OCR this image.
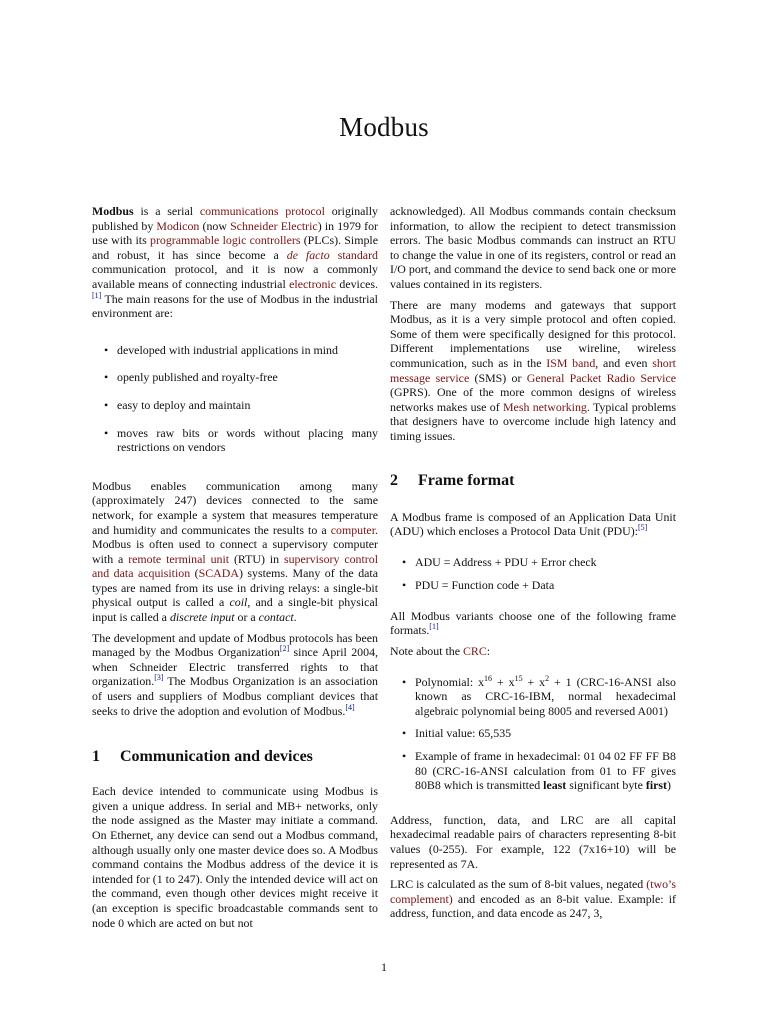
Modbus

Modbus is a serial communications protocol originally published by Modicon (now Schneider Electric) in 1979 for use with its programmable logic controllers (PLCs). Simple and robust, it has since become a de facto standard communication protocol, and it is now a commonly available means of connecting industrial electronic devices.[1] The main reasons for the use of Modbus in the industrial environment are:

• developed with industrial applications in mind
• openly published and royalty-free
• easy to deploy and maintain
• moves raw bits or words without placing many restrictions on vendors

Modbus enables communication among many (approximately 247) devices connected to the same network, for example a system that measures temperature and humidity and communicates the results to a computer. Modbus is often used to connect a supervisory computer with a remote terminal unit (RTU) in supervisory control and data acquisition (SCADA) systems. Many of the data types are named from its use in driving relays: a single-bit physical output is called a coil, and a single-bit physical input is called a discrete input or a contact.

The development and update of Modbus protocols has been managed by the Modbus Organization[2] since April 2004, when Schneider Electric transferred rights to that organization.[3] The Modbus Organization is an association of users and suppliers of Modbus compliant devices that seeks to drive the adoption and evolution of Modbus.[4]

1 Communication and devices

Each device intended to communicate using Modbus is given a unique address. In serial and MB+ networks, only the node assigned as the Master may initiate a command. On Ethernet, any device can send out a Modbus command, although usually only one master device does so. A Modbus command contains the Modbus address of the device it is intended for (1 to 247). Only the intended device will act on the command, even though other devices might receive it (an exception is specific broadcastable commands sent to node 0 which are acted on but not

acknowledged). All Modbus commands contain checksum information, to allow the recipient to detect transmission errors. The basic Modbus commands can instruct an RTU to change the value in one of its registers, control or read an I/O port, and command the device to send back one or more values contained in its registers.

There are many modems and gateways that support Modbus, as it is a very simple protocol and often copied. Some of them were specifically designed for this protocol. Different implementations use wireline, wireless communication, such as in the ISM band, and even short message service (SMS) or General Packet Radio Service (GPRS). One of the more common designs of wireless networks makes use of Mesh networking. Typical problems that designers have to overcome include high latency and timing issues.

2 Frame format

A Modbus frame is composed of an Application Data Unit (ADU) which encloses a Protocol Data Unit (PDU):[5]

• ADU = Address + PDU + Error check
• PDU = Function code + Data

All Modbus variants choose one of the following frame formats.[1]

Note about the CRC:

• Polynomial: $x^{16} + x^{15} + x^2 + 1$ (CRC-16-ANSI also known as CRC-16-IBM, normal hexadecimal algebraic polynomial being 8005 and reversed A001)
• Initial value: 65,535
• Example of frame in hexadecimal: 01 04 02 FF FF B8 80 (CRC-16-ANSI calculation from 01 to FF gives 80B8 which is transmitted least significant byte first)

Address, function, data, and LRC are all capital hexadecimal readable pairs of characters representing 8-bit values (0-255). For example, 122 (7x16+10) will be represented as 7A.

LRC is calculated as the sum of 8-bit values, negated (two’s complement) and encoded as an 8-bit value. Example: if address, function, and data encode as 247, 3,

1
